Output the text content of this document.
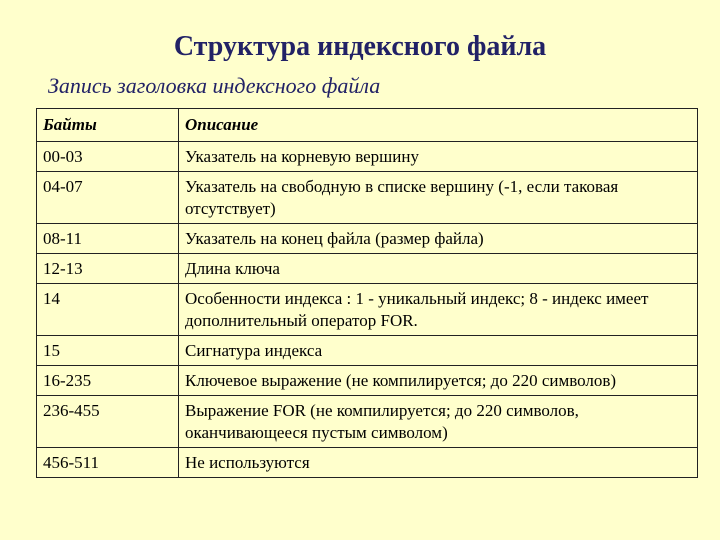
Структура индексного файла
Запись заголовка индексного файла
Байты	Описание
00-03	Указатель на корневую вершину
04-07	Указатель на свободную в списке вершину (-1, если таковая отсутствует)
08-11	Указатель на конец файла (размер файла)
12-13	Длина ключа
14	Особенности индекса : 1 - уникальный индекс; 8 - индекс имеет дополнительный оператор FOR.
15	Сигнатура индекса
16-235	Ключевое выражение (не компилируется; до 220 символов)
236-455	Выражение FOR (не компилируется; до 220 символов, оканчивающееся пустым символом)
456-511	Не используются
